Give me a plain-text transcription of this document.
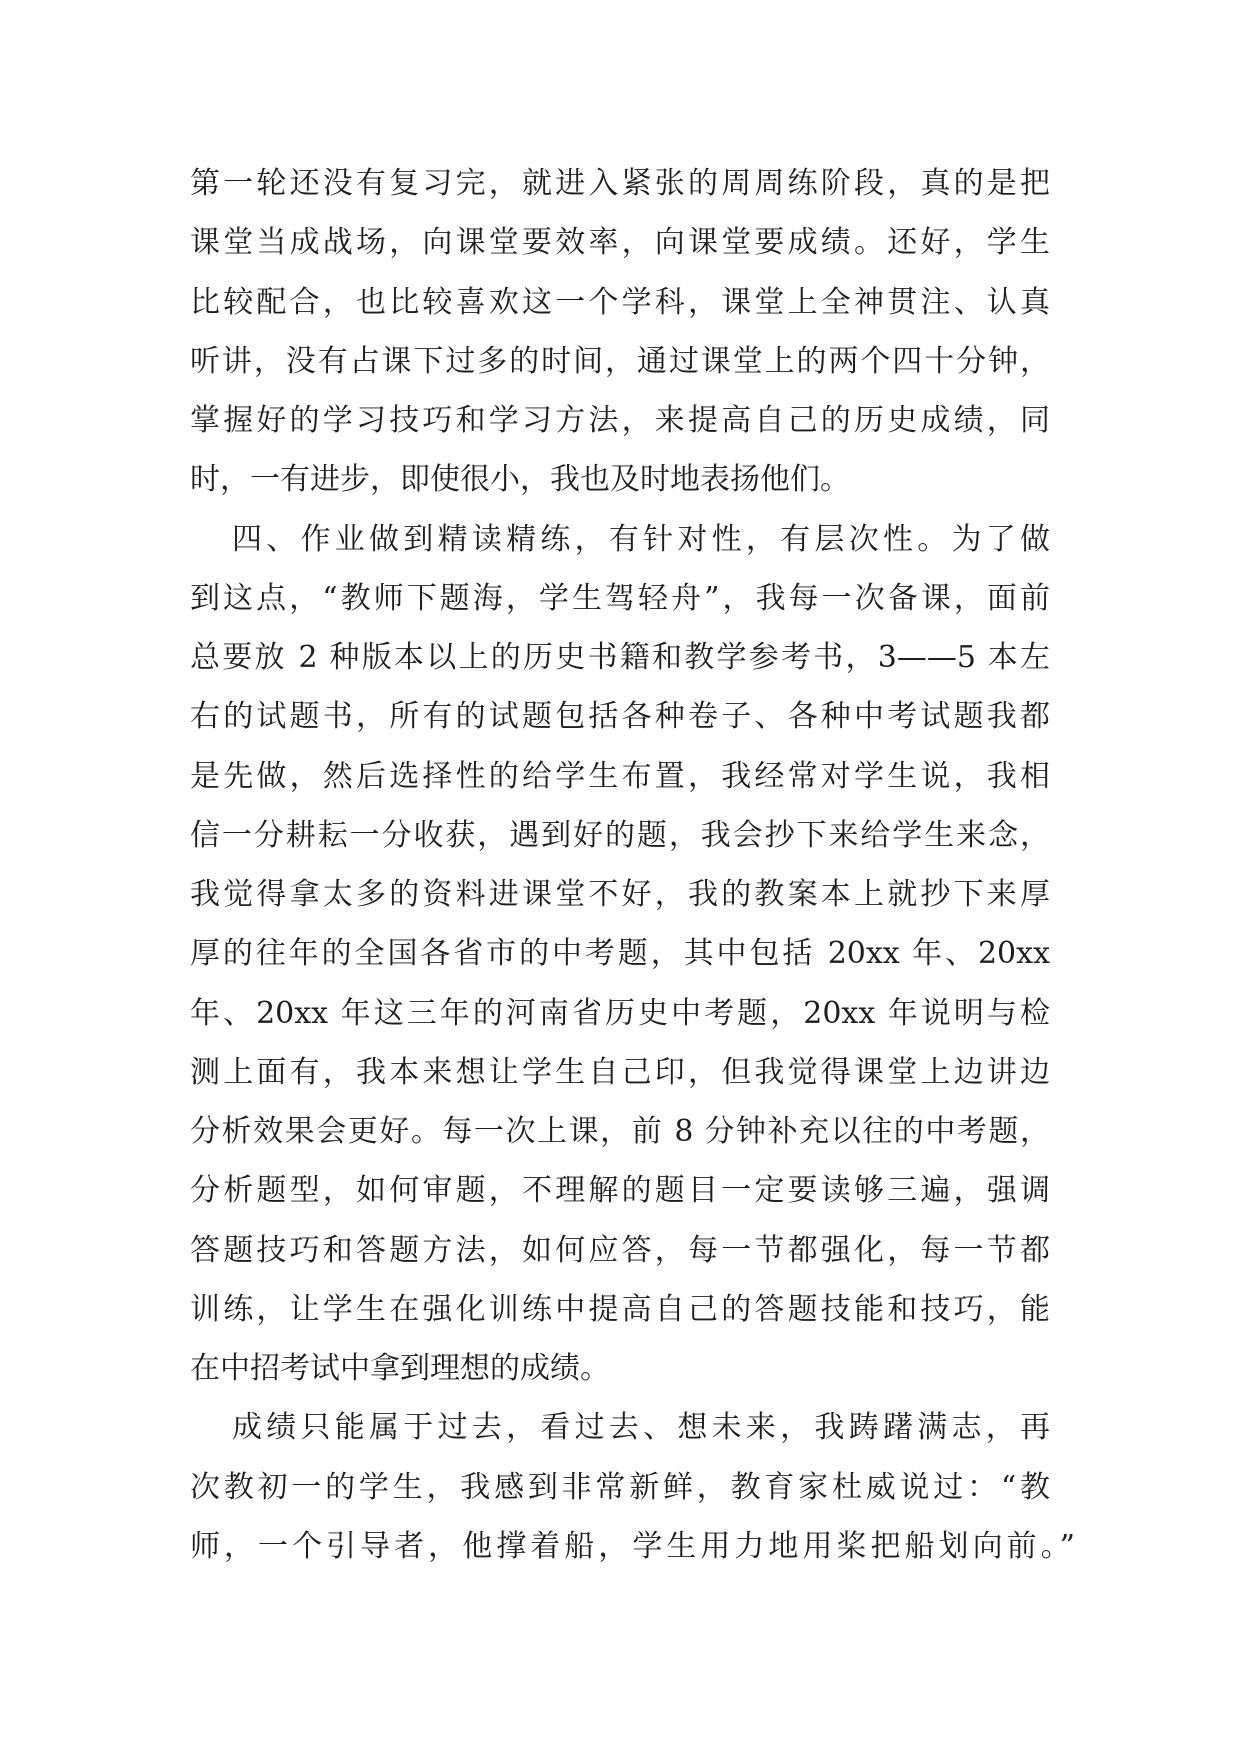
第一轮还没有复习完，就进入紧张的周周练阶段，真的是把
课堂当成战场，向课堂要效率，向课堂要成绩。还好，学生
比较配合，也比较喜欢这一个学科，课堂上全神贯注、认真
听讲，没有占课下过多的时间，通过课堂上的两个四十分钟，
掌握好的学习技巧和学习方法，来提高自己的历史成绩，同
时，一有进步，即使很小，我也及时地表扬他们。
四、作业做到精读精练，有针对性，有层次性。为了做
到这点，“教师下题海，学生驾轻舟”，我每一次备课，面前
总要放 2 种版本以上的历史书籍和教学参考书，3——5 本左
右的试题书，所有的试题包括各种卷子、各种中考试题我都
是先做，然后选择性的给学生布置，我经常对学生说，我相
信一分耕耘一分收获，遇到好的题，我会抄下来给学生来念，
我觉得拿太多的资料进课堂不好，我的教案本上就抄下来厚
厚的往年的全国各省市的中考题，其中包括 20xx 年、20xx
年、20xx 年这三年的河南省历史中考题，20xx 年说明与检
测上面有，我本来想让学生自己印，但我觉得课堂上边讲边
分析效果会更好。每一次上课，前 8 分钟补充以往的中考题，
分析题型，如何审题，不理解的题目一定要读够三遍，强调
答题技巧和答题方法，如何应答，每一节都强化，每一节都
训练，让学生在强化训练中提高自己的答题技能和技巧，能
在中招考试中拿到理想的成绩。
成绩只能属于过去，看过去、想未来，我踌躇满志，再
次教初一的学生，我感到非常新鲜，教育家杜威说过：“教
师，一个引导者，他撑着船，学生用力地用桨把船划向前。”
